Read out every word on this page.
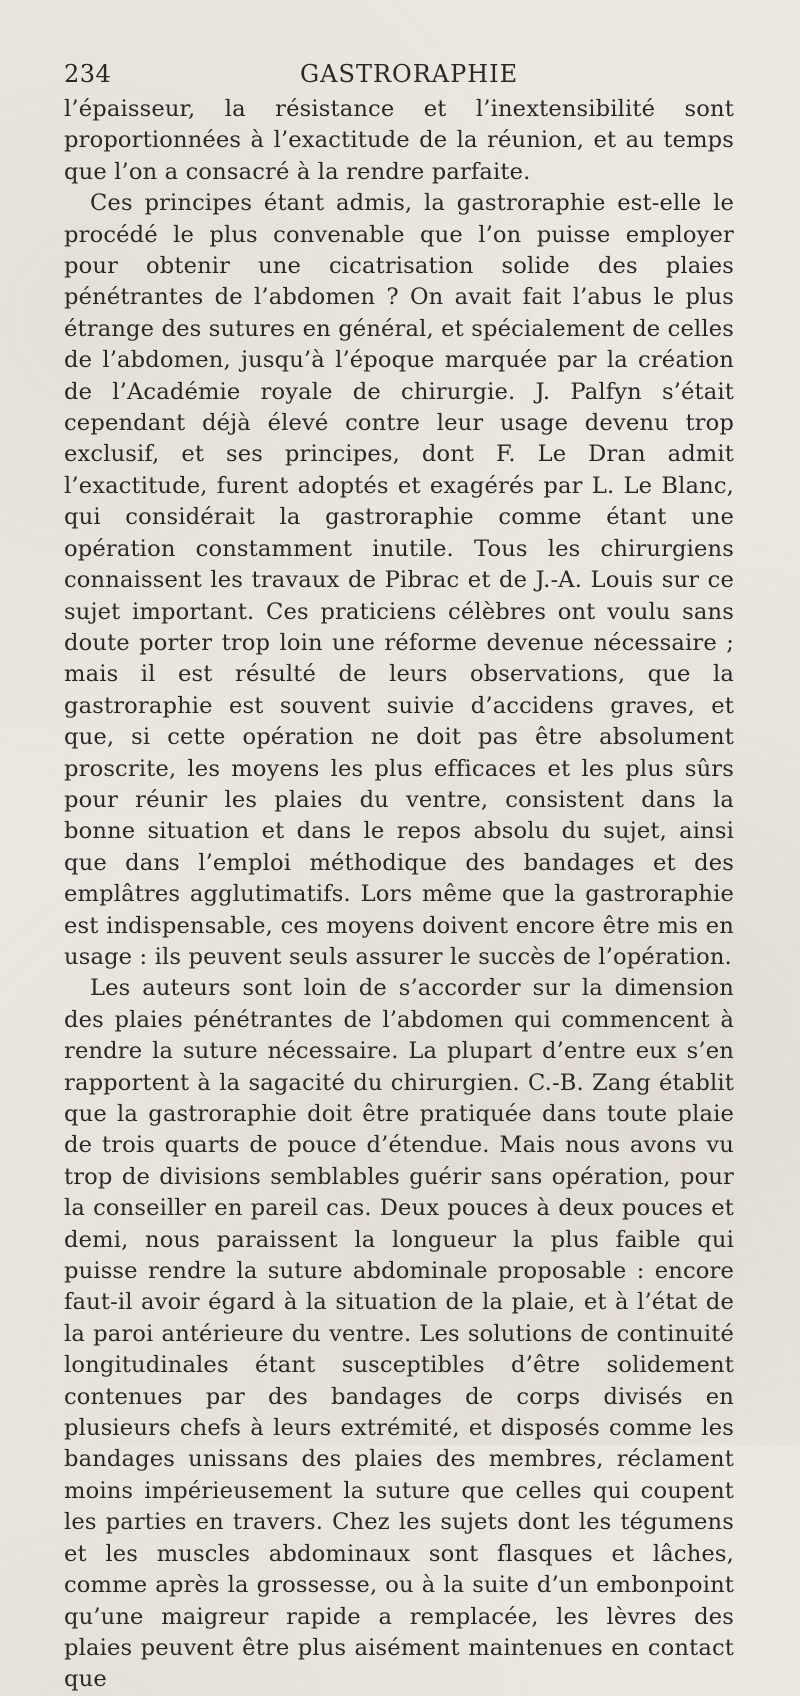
234	GASTRORAPHIE

l’épaisseur, la résistance et l’inextensibilité sont proportionnées à l’exactitude de la réunion, et au temps que l’on a consacré à la rendre parfaite.

Ces principes étant admis, la gastroraphie est-elle le procédé le plus convenable que l’on puisse employer pour obtenir une cicatrisation solide des plaies pénétrantes de l’abdomen ? On avait fait l’abus le plus étrange des sutures en général, et spécialement de celles de l’abdomen, jusqu’à l’époque marquée par la création de l’Académie royale de chirurgie. J. Palfyn s’était cependant déjà élevé contre leur usage devenu trop exclusif, et ses principes, dont F. Le Dran admit l’exactitude, furent adoptés et exagérés par L. Le Blanc, qui considérait la gastroraphie comme étant une opération constamment inutile. Tous les chirurgiens connaissent les travaux de Pibrac et de J.-A. Louis sur ce sujet important. Ces praticiens célèbres ont voulu sans doute porter trop loin une réforme devenue nécessaire ; mais il est résulté de leurs observations, que la gastroraphie est souvent suivie d’accidens graves, et que, si cette opération ne doit pas être absolument proscrite, les moyens les plus efficaces et les plus sûrs pour réunir les plaies du ventre, consistent dans la bonne situation et dans le repos absolu du sujet, ainsi que dans l’emploi méthodique des bandages et des emplâtres agglutimatifs. Lors même que la gastroraphie est indispensable, ces moyens doivent encore être mis en usage : ils peuvent seuls assurer le succès de l’opération.

Les auteurs sont loin de s’accorder sur la dimension des plaies pénétrantes de l’abdomen qui commencent à rendre la suture nécessaire. La plupart d’entre eux s’en rapportent à la sagacité du chirurgien. C.-B. Zang établit que la gastroraphie doit être pratiquée dans toute plaie de trois quarts de pouce d’étendue. Mais nous avons vu trop de divisions semblables guérir sans opération, pour la conseiller en pareil cas. Deux pouces à deux pouces et demi, nous paraissent la longueur la plus faible qui puisse rendre la suture abdominale proposable : encore faut-il avoir égard à la situation de la plaie, et à l’état de la paroi antérieure du ventre. Les solutions de continuité longitudinales étant susceptibles d’être solidement contenues par des bandages de corps divisés en plusieurs chefs à leurs extrémité, et disposés comme les bandages unissans des plaies des membres, réclament moins impérieusement la suture que celles qui coupent les parties en travers. Chez les sujets dont les tégumens et les muscles abdominaux sont flasques et lâches, comme après la grossesse, ou à la suite d’un embonpoint qu’une maigreur rapide a remplacée, les lèvres des plaies peuvent être plus aisément maintenues en contact que
